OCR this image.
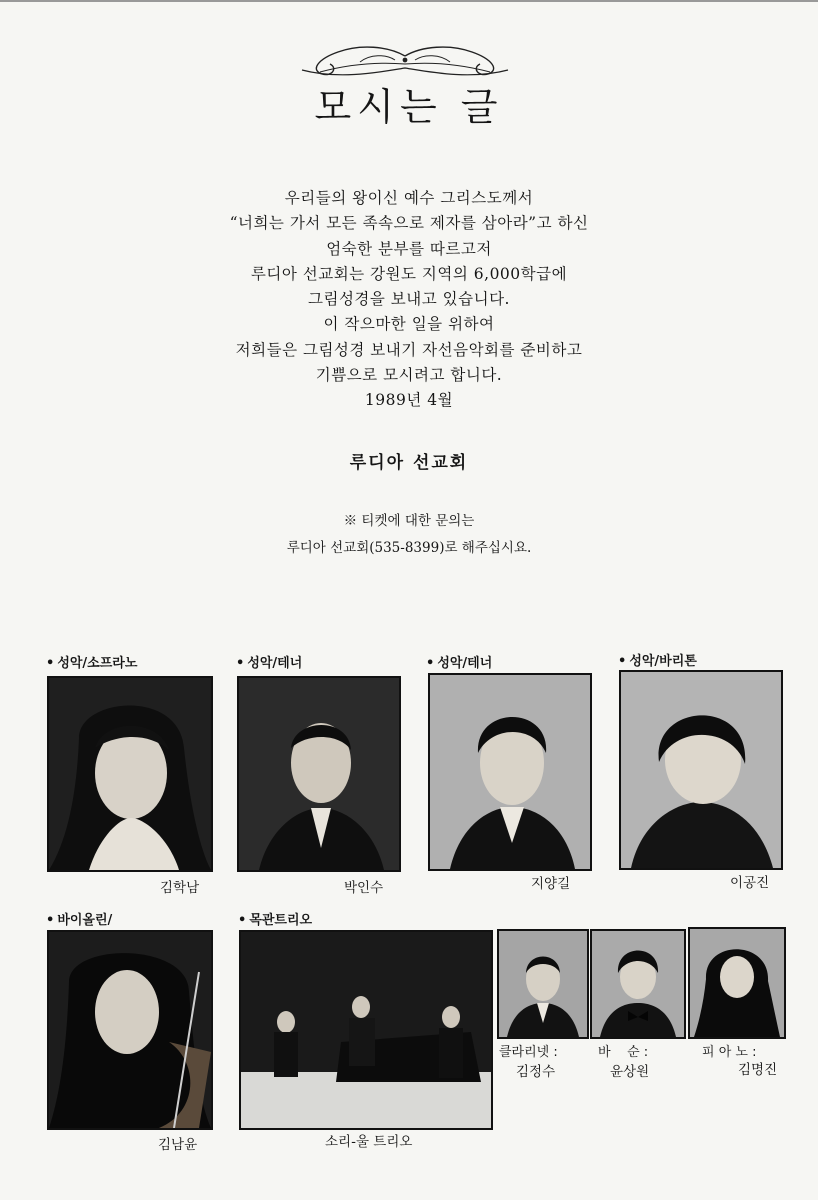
모시는 글

우리들의 왕이신 예수 그리스도께서

“너희는 가서 모든 족속으로 제자를 삼아라”고 하신

엄숙한 분부를 따르고저

루디아 선교회는 강원도 지역의 6,000학급에

그림성경을 보내고 있습니다.

이 작으마한 일을 위하여

저희들은 그림성경 보내기 자선음악회를 준비하고

기쁨으로 모시려고 합니다.

1989년 4월

루디아 선교회

※ 티켓에 대한 문의는

루디아 선교회(535-8399)로 해주십시요.

• 성악/소프라노
김학남
• 성악/테너
박인수
• 성악/테너
지양길
• 성악/바리톤
이공진
• 바이올린/
김남윤
• 목관트리오
소리-울 트리오
클라리넷 :	바    순 :	피 아 노 :
김정수	윤상원	김명진
